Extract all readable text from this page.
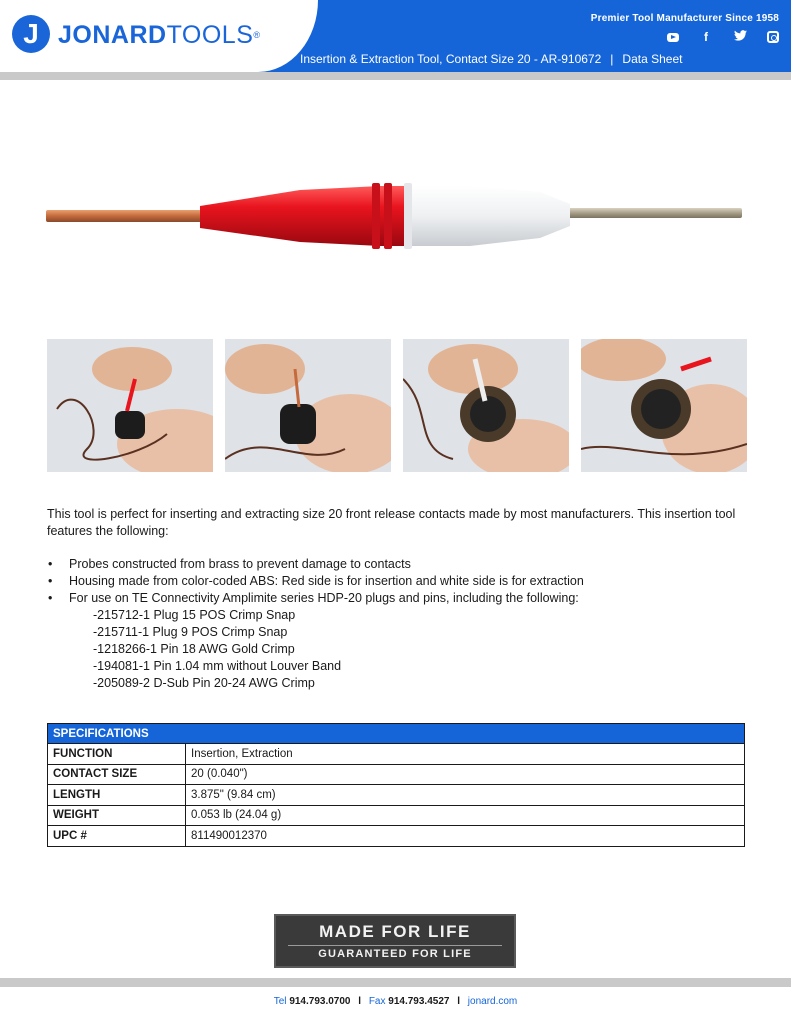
J JONARDTOOLS®
Premier Tool Manufacturer Since 1958
f
Insertion & Extraction Tool, Contact Size 20 - AR-910672 | Data Sheet

This tool is perfect for inserting and extracting size 20 front release contacts made by most manufacturers. This insertion tool features the following:

• Probes constructed from brass to prevent damage to contacts
• Housing made from color-coded ABS: Red side is for insertion and white side is for extraction
• For use on TE Connectivity Amplimite series HDP-20 plugs and pins, including the following:
-215712-1 Plug 15 POS Crimp Snap
-215711-1 Plug 9 POS Crimp Snap
-1218266-1 Pin 18 AWG Gold Crimp
-194081-1 Pin 1.04 mm without Louver Band
-205089-2 D-Sub Pin 20-24 AWG Crimp
SPECIFICATIONS	
FUNCTION	Insertion, Extraction
CONTACT SIZE	20 (0.040")
LENGTH	3.875" (9.84 cm)
WEIGHT	0.053 lb (24.04 g)
UPC #	811490012370
MADE FOR LIFE
GUARANTEED FOR LIFE
Tel 914.793.0700 l Fax 914.793.4527 l jonard.com
